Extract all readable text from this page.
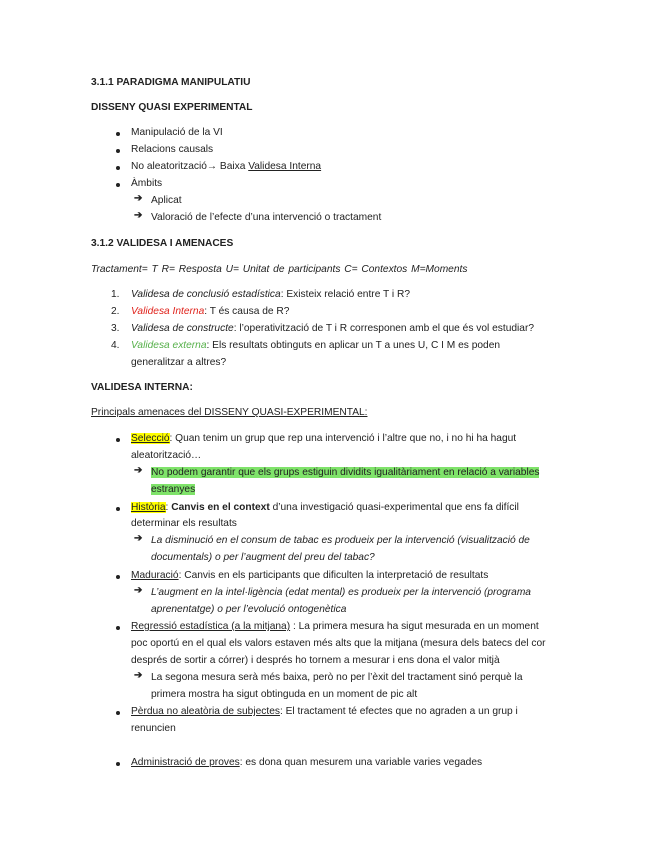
3.1.1 PARADIGMA MANIPULATIU
DISSENY QUASI EXPERIMENTAL
Manipulació de la VI
Relacions causals
No aleatorització→ Baixa Validesa Interna
Àmbits
➔ Aplicat
➔ Valoració de l’efecte d’una intervenció o tractament
3.1.2 VALIDESA I AMENACES
Tractament= T R= Resposta U= Unitat de participants C= Contextos M=Moments
1. Validesa de conclusió estadística: Existeix relació entre T i R?
2. Validesa Interna: T és causa de R?
3. Validesa de constructe: l’operativització de T i R corresponen amb el que és vol estudiar?
4. Validesa externa: Els resultats obtinguts en aplicar un T a unes U, C I M es poden
generalitzar a altres?
VALIDESA INTERNA:
Principals amenaces del DISSENY QUASI-EXPERIMENTAL:
Selecció: Quan tenim un grup que rep una intervenció i l’altre que no, i no hi ha hagut
aleatorització…
➔ No podem garantir que els grups estiguin dividits igualitàriament en relació a variables
estranyes
Història: Canvis en el context d’una investigació quasi-experimental que ens fa difícil
determinar els resultats
➔ La disminució en el consum de tabac es produeix per la intervenció (visualització de
documentals) o per l’augment del preu del tabac?
Maduració: Canvis en els participants que dificulten la interpretació de resultats
➔ L’augment en la intel·ligència (edat mental) es produeix per la intervenció (programa
aprenentatge) o per l’evolució ontogenètica
Regressió estadística (a la mitjana) : La primera mesura ha sigut mesurada en un moment
poc oportú en el qual els valors estaven més alts que la mitjana (mesura dels batecs del cor
després de sortir a córrer) i després ho tornem a mesurar i ens dona el valor mitjà
➔ La segona mesura serà més baixa, però no per l’èxit del tractament sinó perquè la
primera mostra ha sigut obtinguda en un moment de pic alt
Pèrdua no aleatòria de subjectes: El tractament té efectes que no agraden a un grup i
renuncien
Administració de proves: es dona quan mesurem una variable varies vegades
